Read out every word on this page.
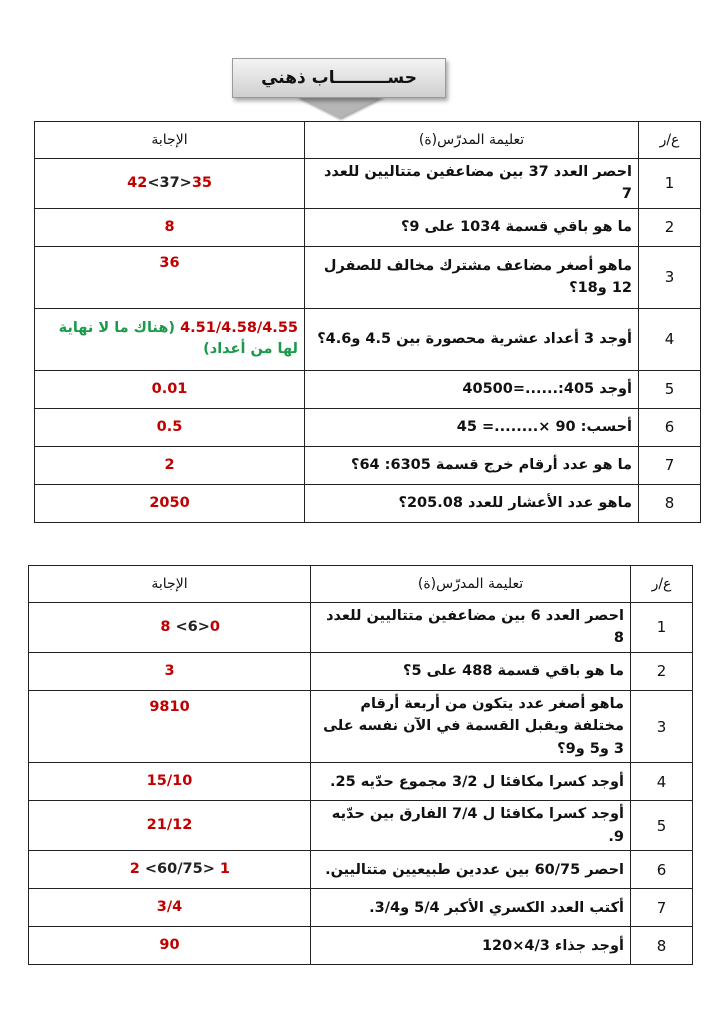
حســـــــــاب ذهني
ع/ر	تعليمة المدرّس(ة)	الإجابة
1	احصر العدد 37 بين مضاعفين متتاليين للعدد 7	42<37>35
2	ما هو باقي قسمة 1034 على 9؟	8
3	ماهو أصغر مضاعف مشترك مخالف للصفرل 12 و18؟	36
4	أوجد 3 أعداد عشرية محصورة بين 4.5 و4.6؟	4.51/4.58/4.55 (هناك ما لا نهاية لها من أعداد)
5	أوجد 405:......=40500	0.01
6	أحسب: 90 ×........= 45	0.5
7	ما هو عدد أرقام خرج قسمة 6305: 64؟	2
8	ماهو عدد الأعشار للعدد 205.08؟	2050
ع/ر	تعليمة المدرّس(ة)	الإجابة
1	احصر العدد 6 بين مضاعفين متتاليين للعدد 8	8 <6>0
2	ما هو باقي قسمة 488 على 5؟	3
3	ماهو أصغر عدد يتكون من أربعة أرقام مختلفة ويقبل القسمة في الآن نفسه على 3 و5 و9؟	9810
4	أوجد كسرا مكافئا ل 3/2 مجموع حدّيه 25.	15/10
5	أوجد كسرا مكافئا ل 7/4 الفارق بين حدّيه 9.	21/12
6	احصر 60/75 بين عددين طبيعيين متتاليين.	2 <60/75> 1
7	أكتب العدد الكسري الأكبر 5/4 و3/4.	3/4
8	أوجد جذاء 4/3×120	90
